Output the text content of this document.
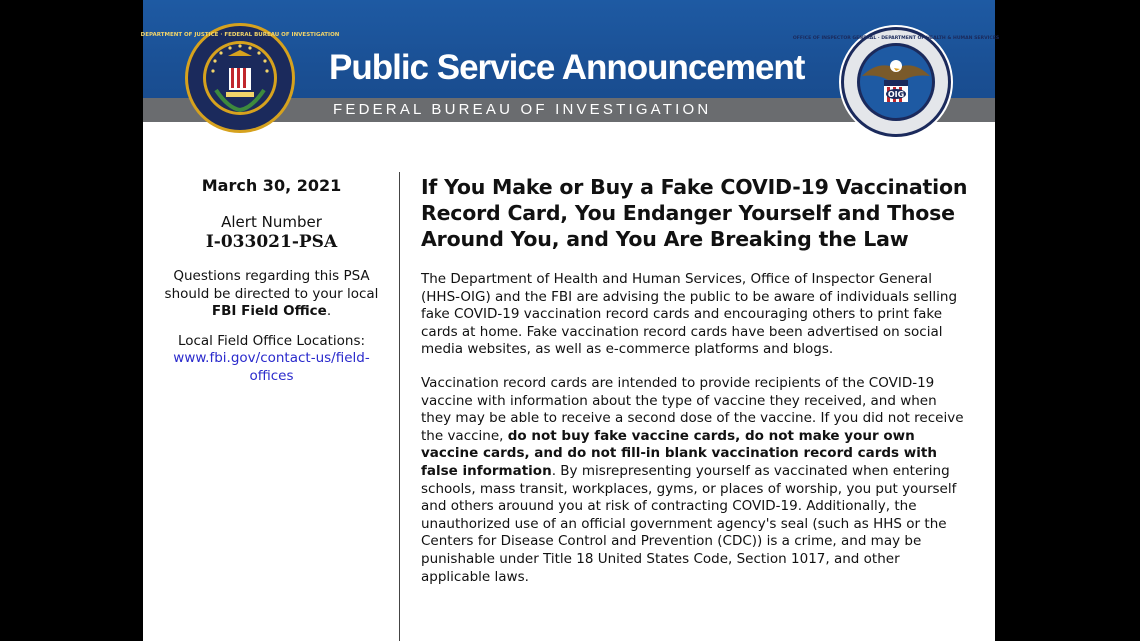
Public Service Announcement
FEDERAL BUREAU OF INVESTIGATION
DEPARTMENT OF JUSTICE · FEDERAL BUREAU OF INVESTIGATION
OIG
OFFICE OF INSPECTOR GENERAL · DEPARTMENT OF HEALTH & HUMAN SERVICES
March 30, 2021
Alert Number
I-033021-PSA
Questions regarding this PSA should be directed to your local FBI Field Office.
Local Field Office Locations:
www.fbi.gov/contact-us/field-offices
If You Make or Buy a Fake COVID-19 Vaccination Record Card, You Endanger Yourself and Those Around You, and You Are Breaking the Law

The Department of Health and Human Services, Office of Inspector General (HHS-OIG) and the FBI are advising the public to be aware of individuals selling fake COVID-19 vaccination record cards and encouraging others to print fake cards at home. Fake vaccination record cards have been advertised on social media websites, as well as e-commerce platforms and blogs.

Vaccination record cards are intended to provide recipients of the COVID-19 vaccine with information about the type of vaccine they received, and when they may be able to receive a second dose of the vaccine. If you did not receive the vaccine, do not buy fake vaccine cards, do not make your own vaccine cards, and do not fill-in blank vaccination record cards with false information. By misrepresenting yourself as vaccinated when entering schools, mass transit, workplaces, gyms, or places of worship, you put yourself and others arouund you at risk of contracting COVID-19. Additionally, the unauthorized use of an official government agency's seal (such as HHS or the Centers for Disease Control and Prevention (CDC)) is a crime, and may be punishable under Title 18 United States Code, Section 1017, and other applicable laws.
